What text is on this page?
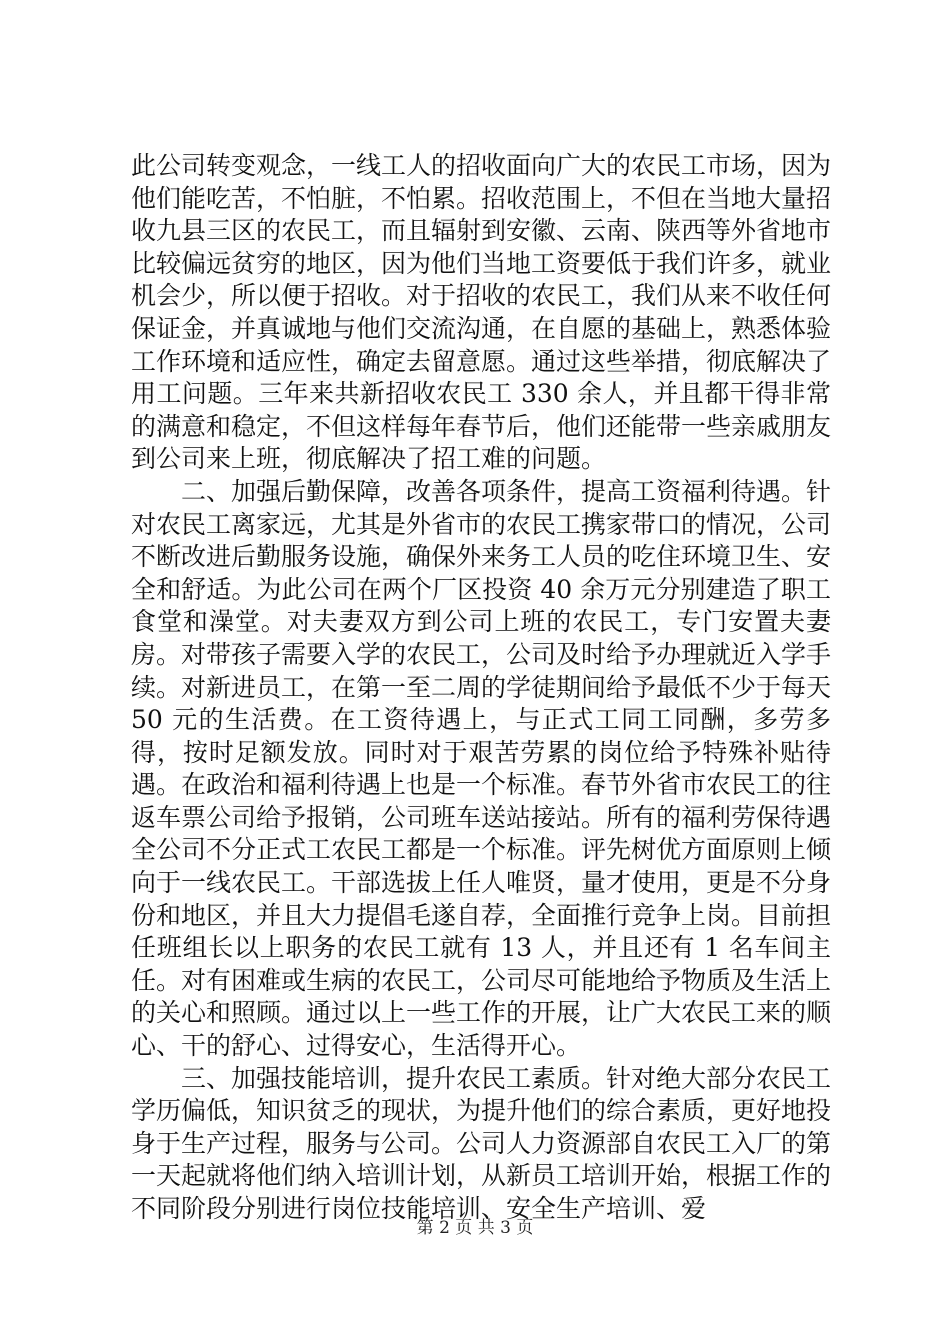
此公司转变观念，一线工人的招收面向广大的农民工市场，因为他们能吃苦，不怕脏，不怕累。招收范围上，不但在当地大量招收九县三区的农民工，而且辐射到安徽、云南、陕西等外省地市比较偏远贫穷的地区，因为他们当地工资要低于我们许多，就业机会少，所以便于招收。对于招收的农民工，我们从来不收任何保证金，并真诚地与他们交流沟通，在自愿的基础上，熟悉体验工作环境和适应性，确定去留意愿。通过这些举措，彻底解决了用工问题。三年来共新招收农民工 330 余人，并且都干得非常的满意和稳定，不但这样每年春节后，他们还能带一些亲戚朋友到公司来上班，彻底解决了招工难的问题。

二、加强后勤保障，改善各项条件，提高工资福利待遇。针对农民工离家远，尤其是外省市的农民工携家带口的情况，公司不断改进后勤服务设施，确保外来务工人员的吃住环境卫生、安全和舒适。为此公司在两个厂区投资 40 余万元分别建造了职工食堂和澡堂。对夫妻双方到公司上班的农民工，专门安置夫妻房。对带孩子需要入学的农民工，公司及时给予办理就近入学手续。对新进员工，在第一至二周的学徒期间给予最低不少于每天 50 元的生活费。在工资待遇上，与正式工同工同酬，多劳多得，按时足额发放。同时对于艰苦劳累的岗位给予特殊补贴待遇。在政治和福利待遇上也是一个标准。春节外省市农民工的往返车票公司给予报销，公司班车送站接站。所有的福利劳保待遇全公司不分正式工农民工都是一个标准。评先树优方面原则上倾向于一线农民工。干部选拔上任人唯贤，量才使用，更是不分身份和地区，并且大力提倡毛遂自荐，全面推行竞争上岗。目前担任班组长以上职务的农民工就有 13 人，并且还有 1 名车间主任。对有困难或生病的农民工，公司尽可能地给予物质及生活上的关心和照顾。通过以上一些工作的开展，让广大农民工来的顺心、干的舒心、过得安心，生活得开心。

三、加强技能培训，提升农民工素质。针对绝大部分农民工学历偏低，知识贫乏的现状，为提升他们的综合素质，更好地投身于生产过程，服务与公司。公司人力资源部自农民工入厂的第一天起就将他们纳入培训计划，从新员工培训开始，根据工作的不同阶段分别进行岗位技能培训、安全生产培训、爱

第 2 页 共 3 页
